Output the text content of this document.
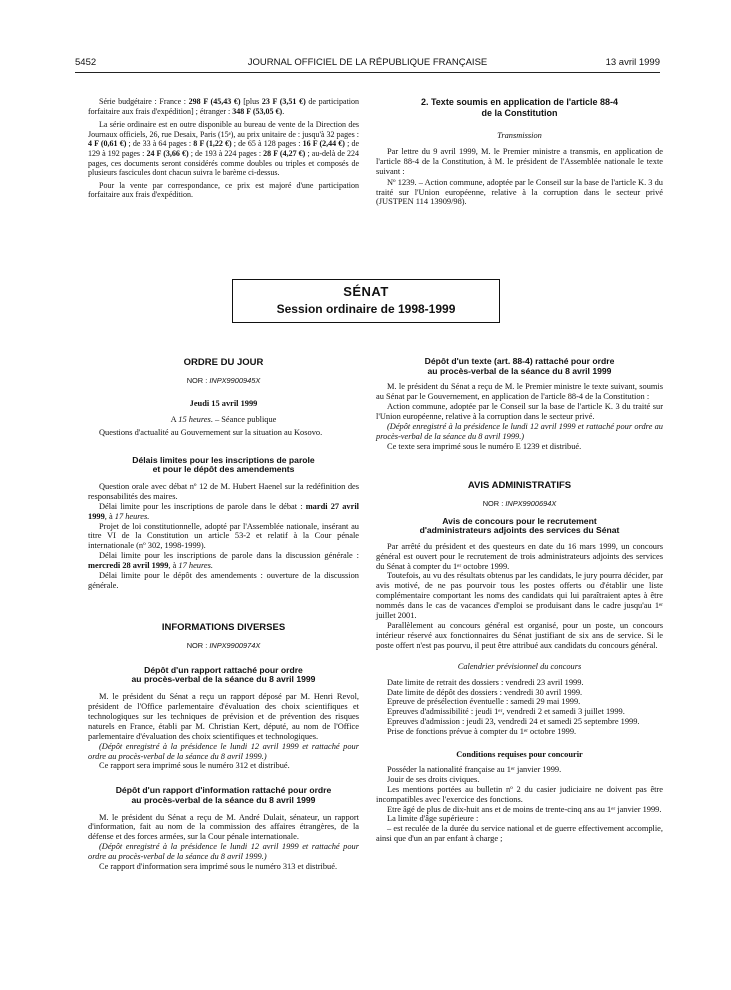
5452	JOURNAL OFFICIEL DE LA RÉPUBLIQUE FRANÇAISE	13 avril 1999

Série budgétaire : France : 298 F (45,43 €) [plus 23 F (3,51 €) de participation forfaitaire aux frais d'expédition] ; étranger : 348 F (53,05 €).

La série ordinaire est en outre disponible au bureau de vente de la Direction des Journaux officiels, 26, rue Desaix, Paris (15ᵉ), au prix unitaire de : jusqu'à 32 pages : 4 F (0,61 €) ; de 33 à 64 pages : 8 F (1,22 €) ; de 65 à 128 pages : 16 F (2,44 €) ; de 129 à 192 pages : 24 F (3,66 €) ; de 193 à 224 pages : 28 F (4,27 €) ; au-delà de 224 pages, ces documents seront considérés comme doubles ou triples et composés de plusieurs fascicules dont chacun suivra le barème ci-dessus.

Pour la vente par correspondance, ce prix est majoré d'une participation forfaitaire aux frais d'expédition.

2. Texte soumis en application de l'article 88-4
de la Constitution

Transmission

Par lettre du 9 avril 1999, M. le Premier ministre a transmis, en application de l'article 88-4 de la Constitution, à M. le président de l'Assemblée nationale le texte suivant :

Nº 1239. – Action commune, adoptée par le Conseil sur la base de l'article K. 3 du traité sur l'Union européenne, relative à la corruption dans le secteur privé (JUSTPEN 114 13909/98).

SÉNAT
Session ordinaire de 1998-1999
ORDRE DU JOUR
NOR : INPX9900945X

Jeudi 15 avril 1999

A 15 heures. – Séance publique

Questions d'actualité au Gouvernement sur la situation au Kosovo.

Délais limites pour les inscriptions de parole
et pour le dépôt des amendements

Question orale avec débat nº 12 de M. Hubert Haenel sur la redéfinition des responsabilités des maires.

Délai limite pour les inscriptions de parole dans le débat : mardi 27 avril 1999, à 17 heures.

Projet de loi constitutionnelle, adopté par l'Assemblée nationale, insérant au titre VI de la Constitution un article 53-2 et relatif à la Cour pénale internationale (nº 302, 1998-1999).

Délai limite pour les inscriptions de parole dans la discussion générale : mercredi 28 avril 1999, à 17 heures.

Délai limite pour le dépôt des amendements : ouverture de la discussion générale.

INFORMATIONS DIVERSES
NOR : INPX9900974X
Dépôt d'un rapport rattaché pour ordre
au procès-verbal de la séance du 8 avril 1999

M. le président du Sénat a reçu un rapport déposé par M. Henri Revol, président de l'Office parlementaire d'évaluation des choix scientifiques et technologiques sur les techniques de prévision et de prévention des risques naturels en France, établi par M. Christian Kert, député, au nom de l'Office parlementaire d'évaluation des choix scientifiques et technologiques.

(Dépôt enregistré à la présidence le lundi 12 avril 1999 et rattaché pour ordre au procès-verbal de la séance du 8 avril 1999.)

Ce rapport sera imprimé sous le numéro 312 et distribué.

Dépôt d'un rapport d'information rattaché pour ordre
au procès-verbal de la séance du 8 avril 1999

M. le président du Sénat a reçu de M. André Dulait, sénateur, un rapport d'information, fait au nom de la commission des affaires étrangères, de la défense et des forces armées, sur la Cour pénale internationale.

(Dépôt enregistré à la présidence le lundi 12 avril 1999 et rattaché pour ordre au procès-verbal de la séance du 8 avril 1999.)

Ce rapport d'information sera imprimé sous le numéro 313 et distribué.

Dépôt d'un texte (art. 88-4) rattaché pour ordre
au procès-verbal de la séance du 8 avril 1999

M. le président du Sénat a reçu de M. le Premier ministre le texte suivant, soumis au Sénat par le Gouvernement, en application de l'article 88-4 de la Constitution :

Action commune, adoptée par le Conseil sur la base de l'article K. 3 du traité sur l'Union européenne, relative à la corruption dans le secteur privé.

(Dépôt enregistré à la présidence le lundi 12 avril 1999 et rattaché pour ordre au procès-verbal de la séance du 8 avril 1999.)

Ce texte sera imprimé sous le numéro E 1239 et distribué.

AVIS ADMINISTRATIFS
NOR : INPX9900694X
Avis de concours pour le recrutement
d'administrateurs adjoints des services du Sénat

Par arrêté du président et des questeurs en date du 16 mars 1999, un concours général est ouvert pour le recrutement de trois administrateurs adjoints des services du Sénat à compter du 1ᵉʳ octobre 1999.

Toutefois, au vu des résultats obtenus par les candidats, le jury pourra décider, par avis motivé, de ne pas pourvoir tous les postes offerts ou d'établir une liste complémentaire comportant les noms des candidats qui lui paraîtraient aptes à être nommés dans le cas de vacances d'emploi se produisant dans le cadre jusqu'au 1ᵉʳ juillet 2001.

Parallèlement au concours général est organisé, pour un poste, un concours intérieur réservé aux fonctionnaires du Sénat justifiant de six ans de service. Si le poste offert n'est pas pourvu, il peut être attribué aux candidats du concours général.

Calendrier prévisionnel du concours

Date limite de retrait des dossiers : vendredi 23 avril 1999.

Date limite de dépôt des dossiers : vendredi 30 avril 1999.

Epreuve de présélection éventuelle : samedi 29 mai 1999.

Epreuves d'admissibilité : jeudi 1ᵉʳ, vendredi 2 et samedi 3 juillet 1999.

Epreuves d'admission : jeudi 23, vendredi 24 et samedi 25 septembre 1999.

Prise de fonctions prévue à compter du 1ᵉʳ octobre 1999.

Conditions requises pour concourir

Posséder la nationalité française au 1ᵉʳ janvier 1999.

Jouir de ses droits civiques.

Les mentions portées au bulletin nº 2 du casier judiciaire ne doivent pas être incompatibles avec l'exercice des fonctions.

Etre âgé de plus de dix-huit ans et de moins de trente-cinq ans au 1ᵉʳ janvier 1999.

La limite d'âge supérieure :

– est reculée de la durée du service national et de guerre effectivement accomplie, ainsi que d'un an par enfant à charge ;
